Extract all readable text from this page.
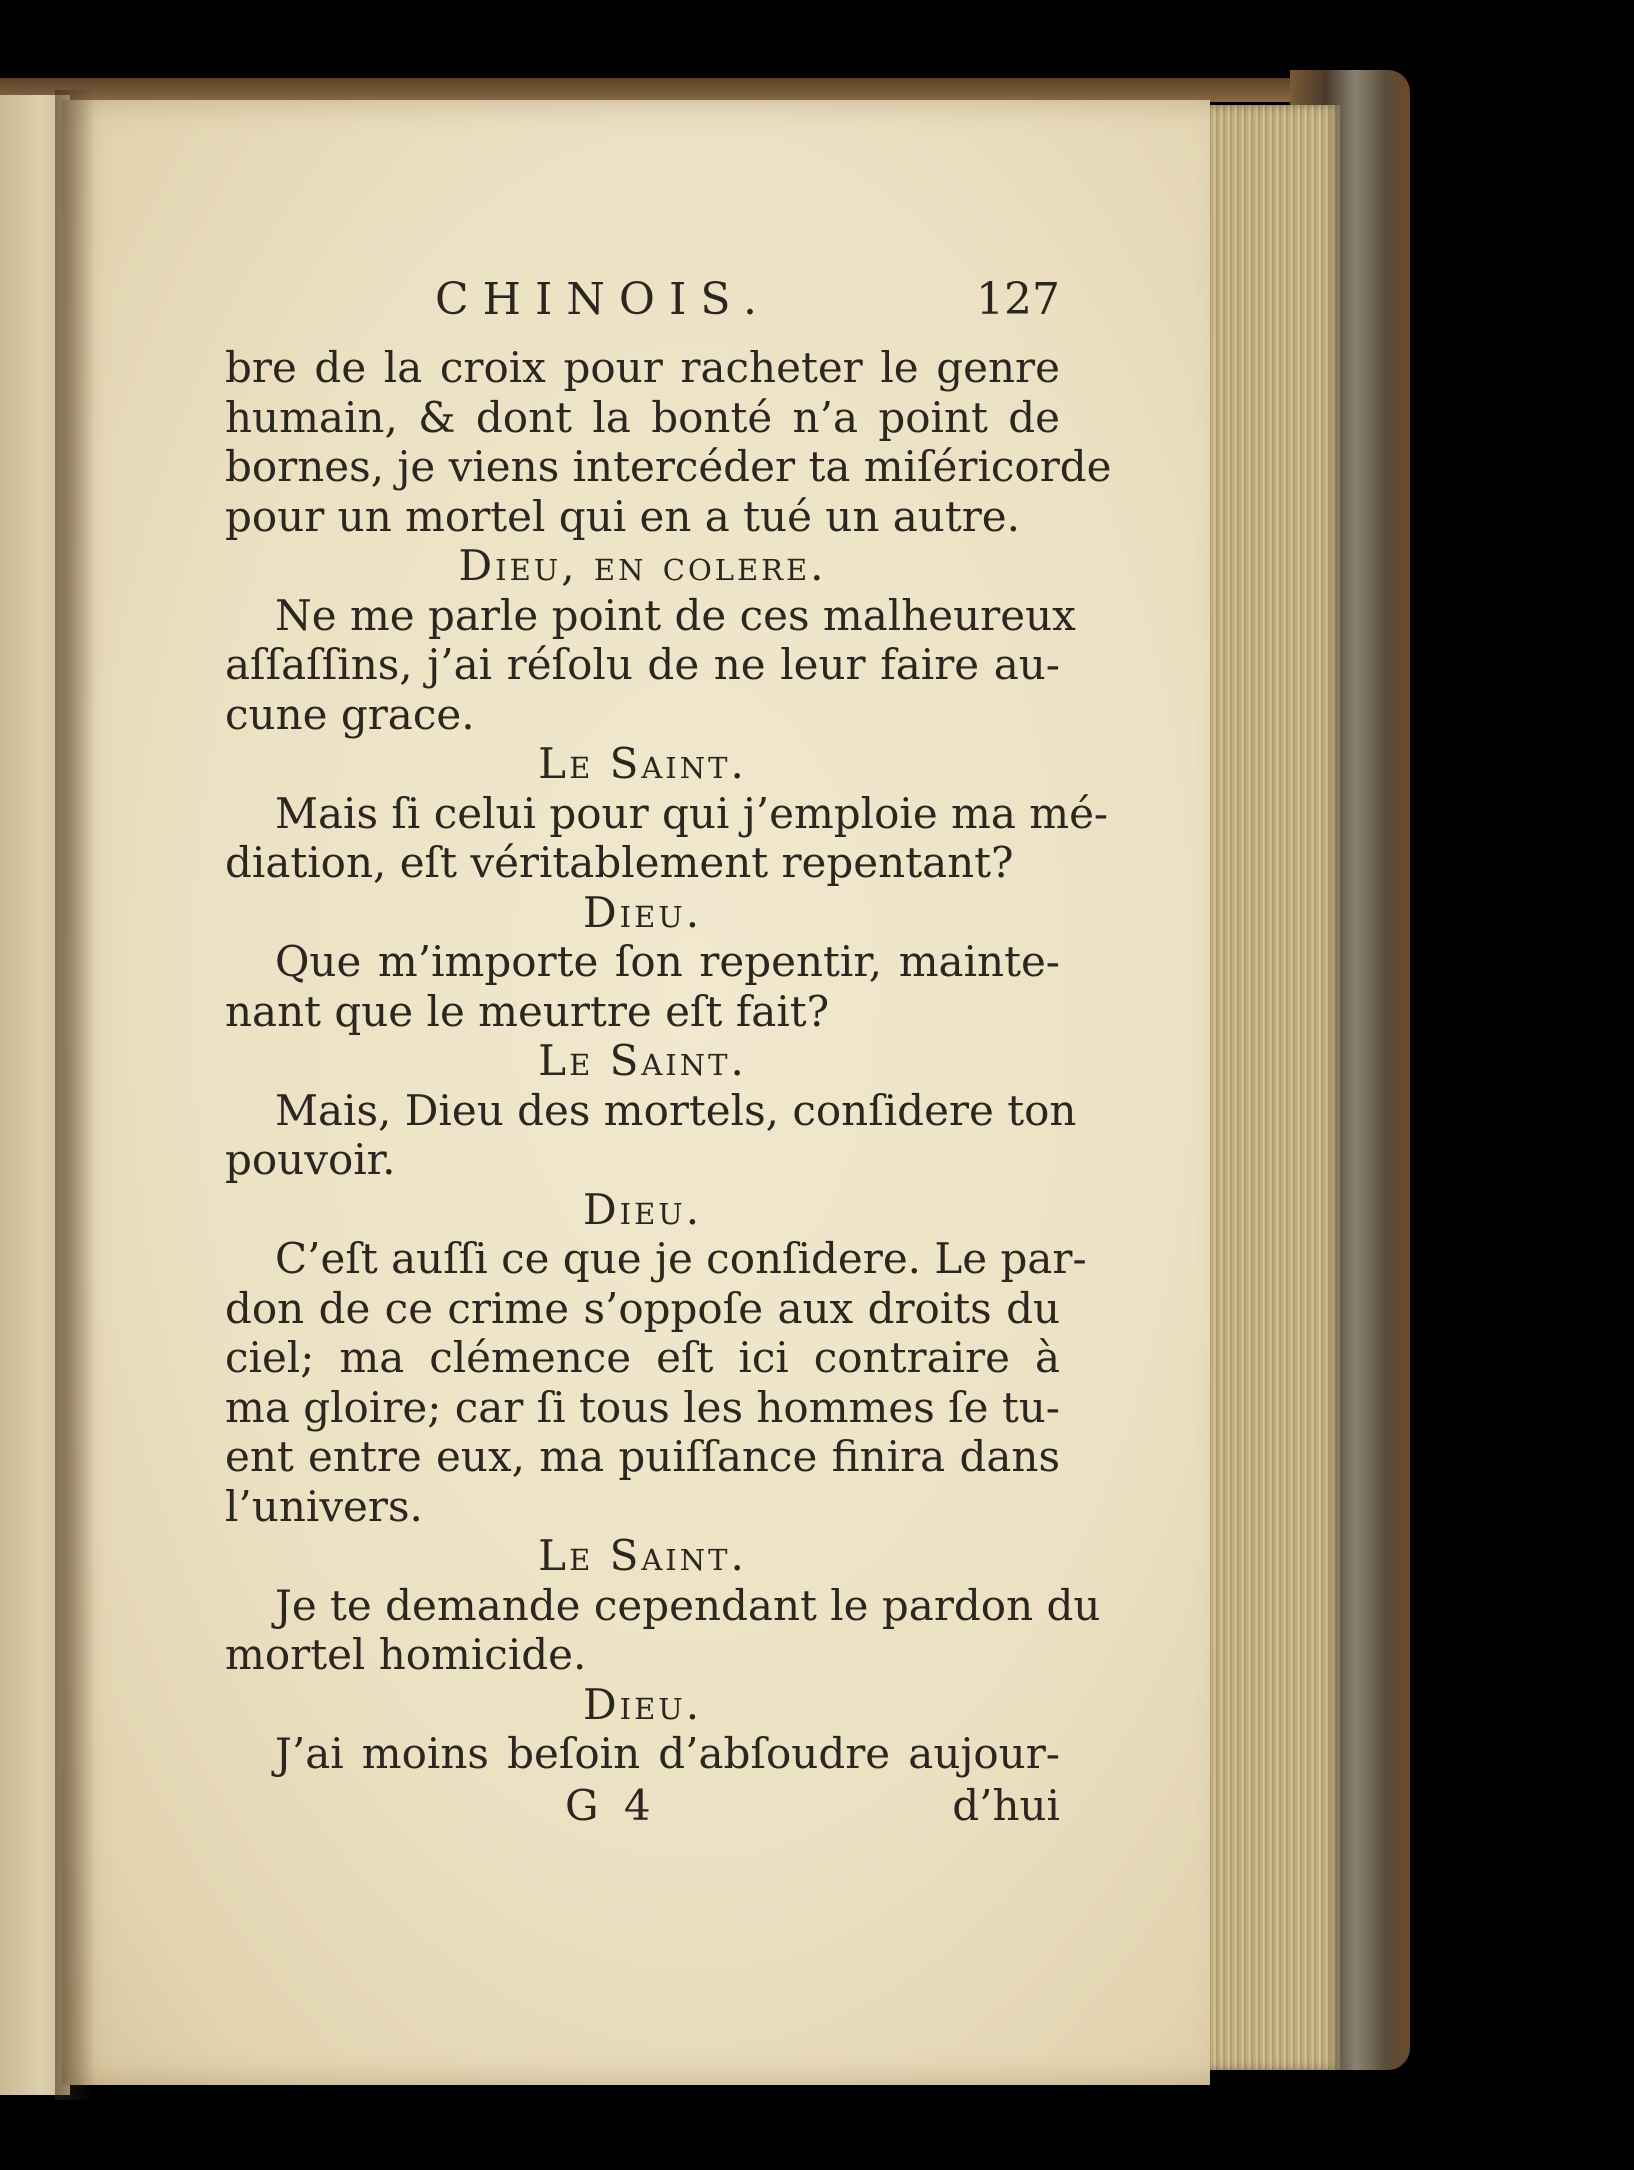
CHINOIS.	127
bre de la croix pour racheter le genre
humain, & dont la bonté n’a point de
bornes, je viens intercéder ta miſéricorde
pour un mortel qui en a tué un autre.
Dieu, en colere.
Ne me parle point de ces malheureux
aſſaſſins, j’ai réſolu de ne leur faire au-
cune grace.
Le Saint.
Mais ſi celui pour qui j’emploie ma mé-
diation, eſt véritablement repentant?
Dieu.
Que m’importe ſon repentir, mainte-
nant que le meurtre eſt fait?
Le Saint.
Mais, Dieu des mortels, conſidere ton
pouvoir.
Dieu.
C’eſt auſſi ce que je conſidere. Le par-
don de ce crime s’oppoſe aux droits du
ciel; ma clémence eſt ici contraire à
ma gloire; car ſi tous les hommes ſe tu-
ent entre eux, ma puiſſance finira dans
l’univers.
Le Saint.
Je te demande cependant le pardon du
mortel homicide.
Dieu.
J’ai moins beſoin d’abſoudre aujour-
G 4	d’hui
